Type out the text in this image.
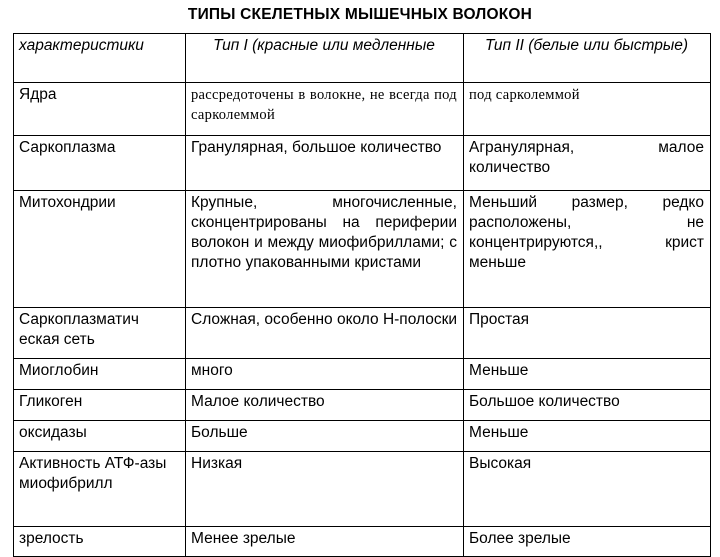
ТИПЫ СКЕЛЕТНЫХ МЫШЕЧНЫХ ВОЛОКОН
характеристики	Тип I (красные или медленные	Тип II (белые или быстрые)
Ядра	рассредоточены в волокне, не всегда под сарколеммой	под сарколеммой
Саркоплазма	Гранулярная, большое количество	Агранулярная, малое количество
Митохондрии	Крупные, многочисленные, сконцентрированы на периферии волокон и между миофибриллами; с плотно упакованными кристами	Меньший размер, редко расположены, не концентрируются,, крист меньше
Саркоплазматич еская сеть	Сложная, особенно около Н-полоски	Простая
Миоглобин	много	Меньше
Гликоген	Малое количество	Большое количество
оксидазы	Больше	Меньше
Активность АТФ-азы миофибрилл	Низкая	Высокая
зрелость	Менее зрелые	Более зрелые
